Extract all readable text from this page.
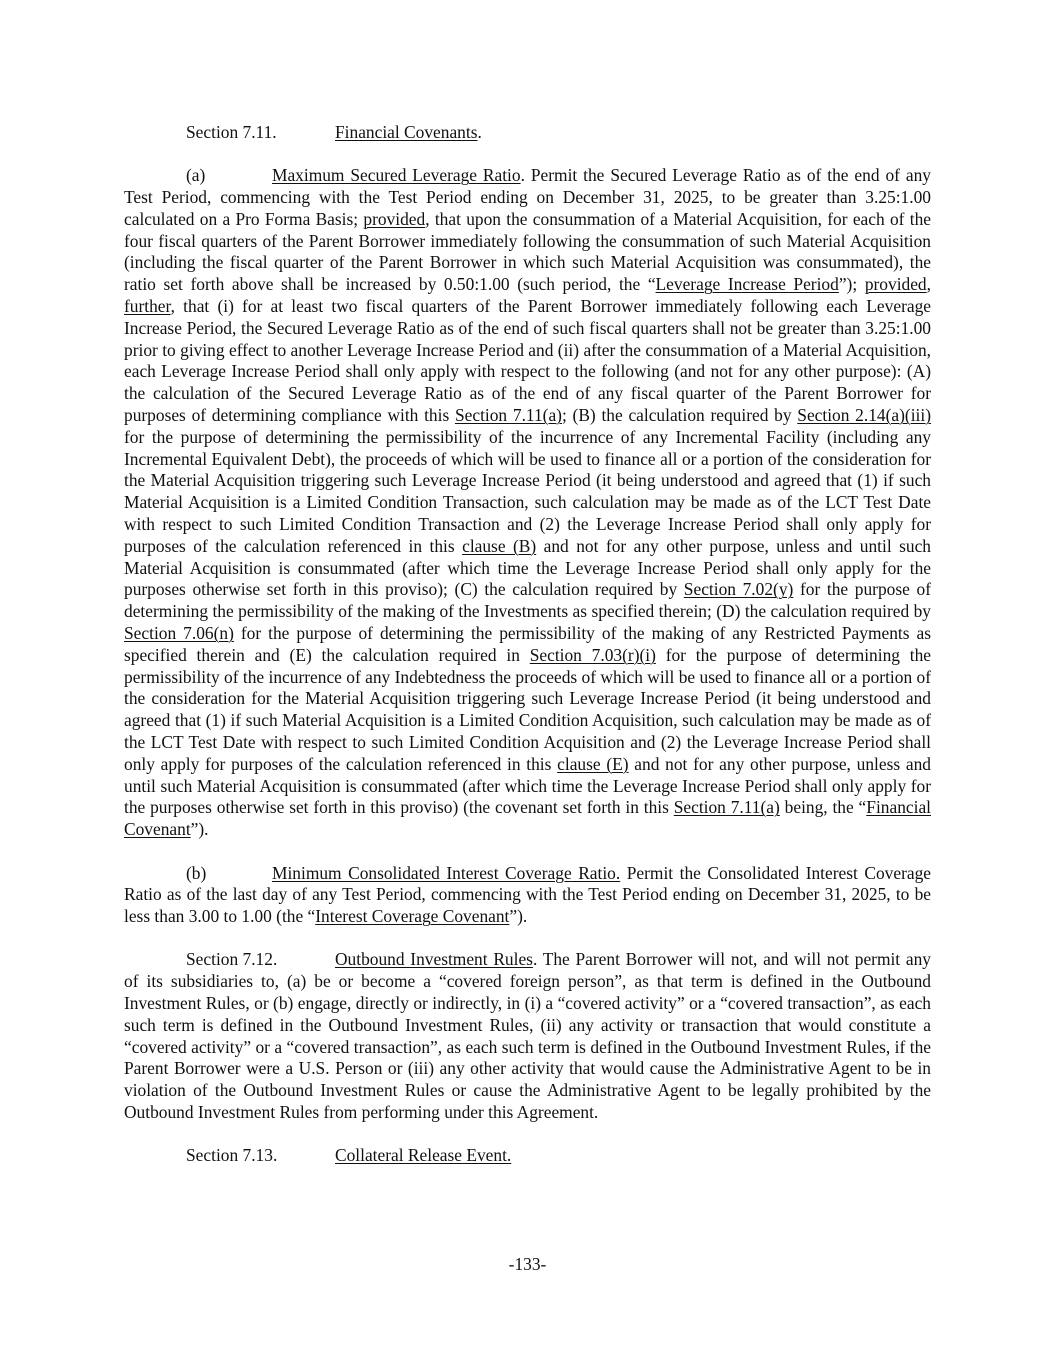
Section 7.11.	Financial Covenants.

(a)	Maximum Secured Leverage Ratio. Permit the Secured Leverage Ratio as of the end of any Test Period, commencing with the Test Period ending on December 31, 2025, to be greater than 3.25:1.00 calculated on a Pro Forma Basis; provided, that upon the consummation of a Material Acquisition, for each of the four fiscal quarters of the Parent Borrower immediately following the consummation of such Material Acquisition (including the fiscal quarter of the Parent Borrower in which such Material Acquisition was consummated), the ratio set forth above shall be increased by 0.50:1.00 (such period, the “Leverage Increase Period”); provided, further, that (i) for at least two fiscal quarters of the Parent Borrower immediately following each Leverage Increase Period, the Secured Leverage Ratio as of the end of such fiscal quarters shall not be greater than 3.25:1.00 prior to giving effect to another Leverage Increase Period and (ii) after the consummation of a Material Acquisition, each Leverage Increase Period shall only apply with respect to the following (and not for any other purpose): (A) the calculation of the Secured Leverage Ratio as of the end of any fiscal quarter of the Parent Borrower for purposes of determining compliance with this Section 7.11(a); (B) the calculation required by Section 2.14(a)(iii) for the purpose of determining the permissibility of the incurrence of any Incremental Facility (including any Incremental Equivalent Debt), the proceeds of which will be used to finance all or a portion of the consideration for the Material Acquisition triggering such Leverage Increase Period (it being understood and agreed that (1) if such Material Acquisition is a Limited Condition Transaction, such calculation may be made as of the LCT Test Date with respect to such Limited Condition Transaction and (2) the Leverage Increase Period shall only apply for purposes of the calculation referenced in this clause (B) and not for any other purpose, unless and until such Material Acquisition is consummated (after which time the Leverage Increase Period shall only apply for the purposes otherwise set forth in this proviso); (C) the calculation required by Section 7.02(y) for the purpose of determining the permissibility of the making of the Investments as specified therein; (D) the calculation required by Section 7.06(n) for the purpose of determining the permissibility of the making of any Restricted Payments as specified therein and (E) the calculation required in Section 7.03(r)(i) for the purpose of determining the permissibility of the incurrence of any Indebtedness the proceeds of which will be used to finance all or a portion of the consideration for the Material Acquisition triggering such Leverage Increase Period (it being understood and agreed that (1) if such Material Acquisition is a Limited Condition Acquisition, such calculation may be made as of the LCT Test Date with respect to such Limited Condition Acquisition and (2) the Leverage Increase Period shall only apply for purposes of the calculation referenced in this clause (E) and not for any other purpose, unless and until such Material Acquisition is consummated (after which time the Leverage Increase Period shall only apply for the purposes otherwise set forth in this proviso) (the covenant set forth in this Section 7.11(a) being, the “Financial Covenant”).

(b)	Minimum Consolidated Interest Coverage Ratio. Permit the Consolidated Interest Coverage Ratio as of the last day of any Test Period, commencing with the Test Period ending on December 31, 2025, to be less than 3.00 to 1.00 (the “Interest Coverage Covenant”).

Section 7.12.	Outbound Investment Rules. The Parent Borrower will not, and will not permit any of its subsidiaries to, (a) be or become a “covered foreign person”, as that term is defined in the Outbound Investment Rules, or (b) engage, directly or indirectly, in (i) a “covered activity” or a “covered transaction”, as each such term is defined in the Outbound Investment Rules, (ii) any activity or transaction that would constitute a “covered activity” or a “covered transaction”, as each such term is defined in the Outbound Investment Rules, if the Parent Borrower were a U.S. Person or (iii) any other activity that would cause the Administrative Agent to be in violation of the Outbound Investment Rules or cause the Administrative Agent to be legally prohibited by the Outbound Investment Rules from performing under this Agreement.

Section 7.13.	Collateral Release Event.

-133-
